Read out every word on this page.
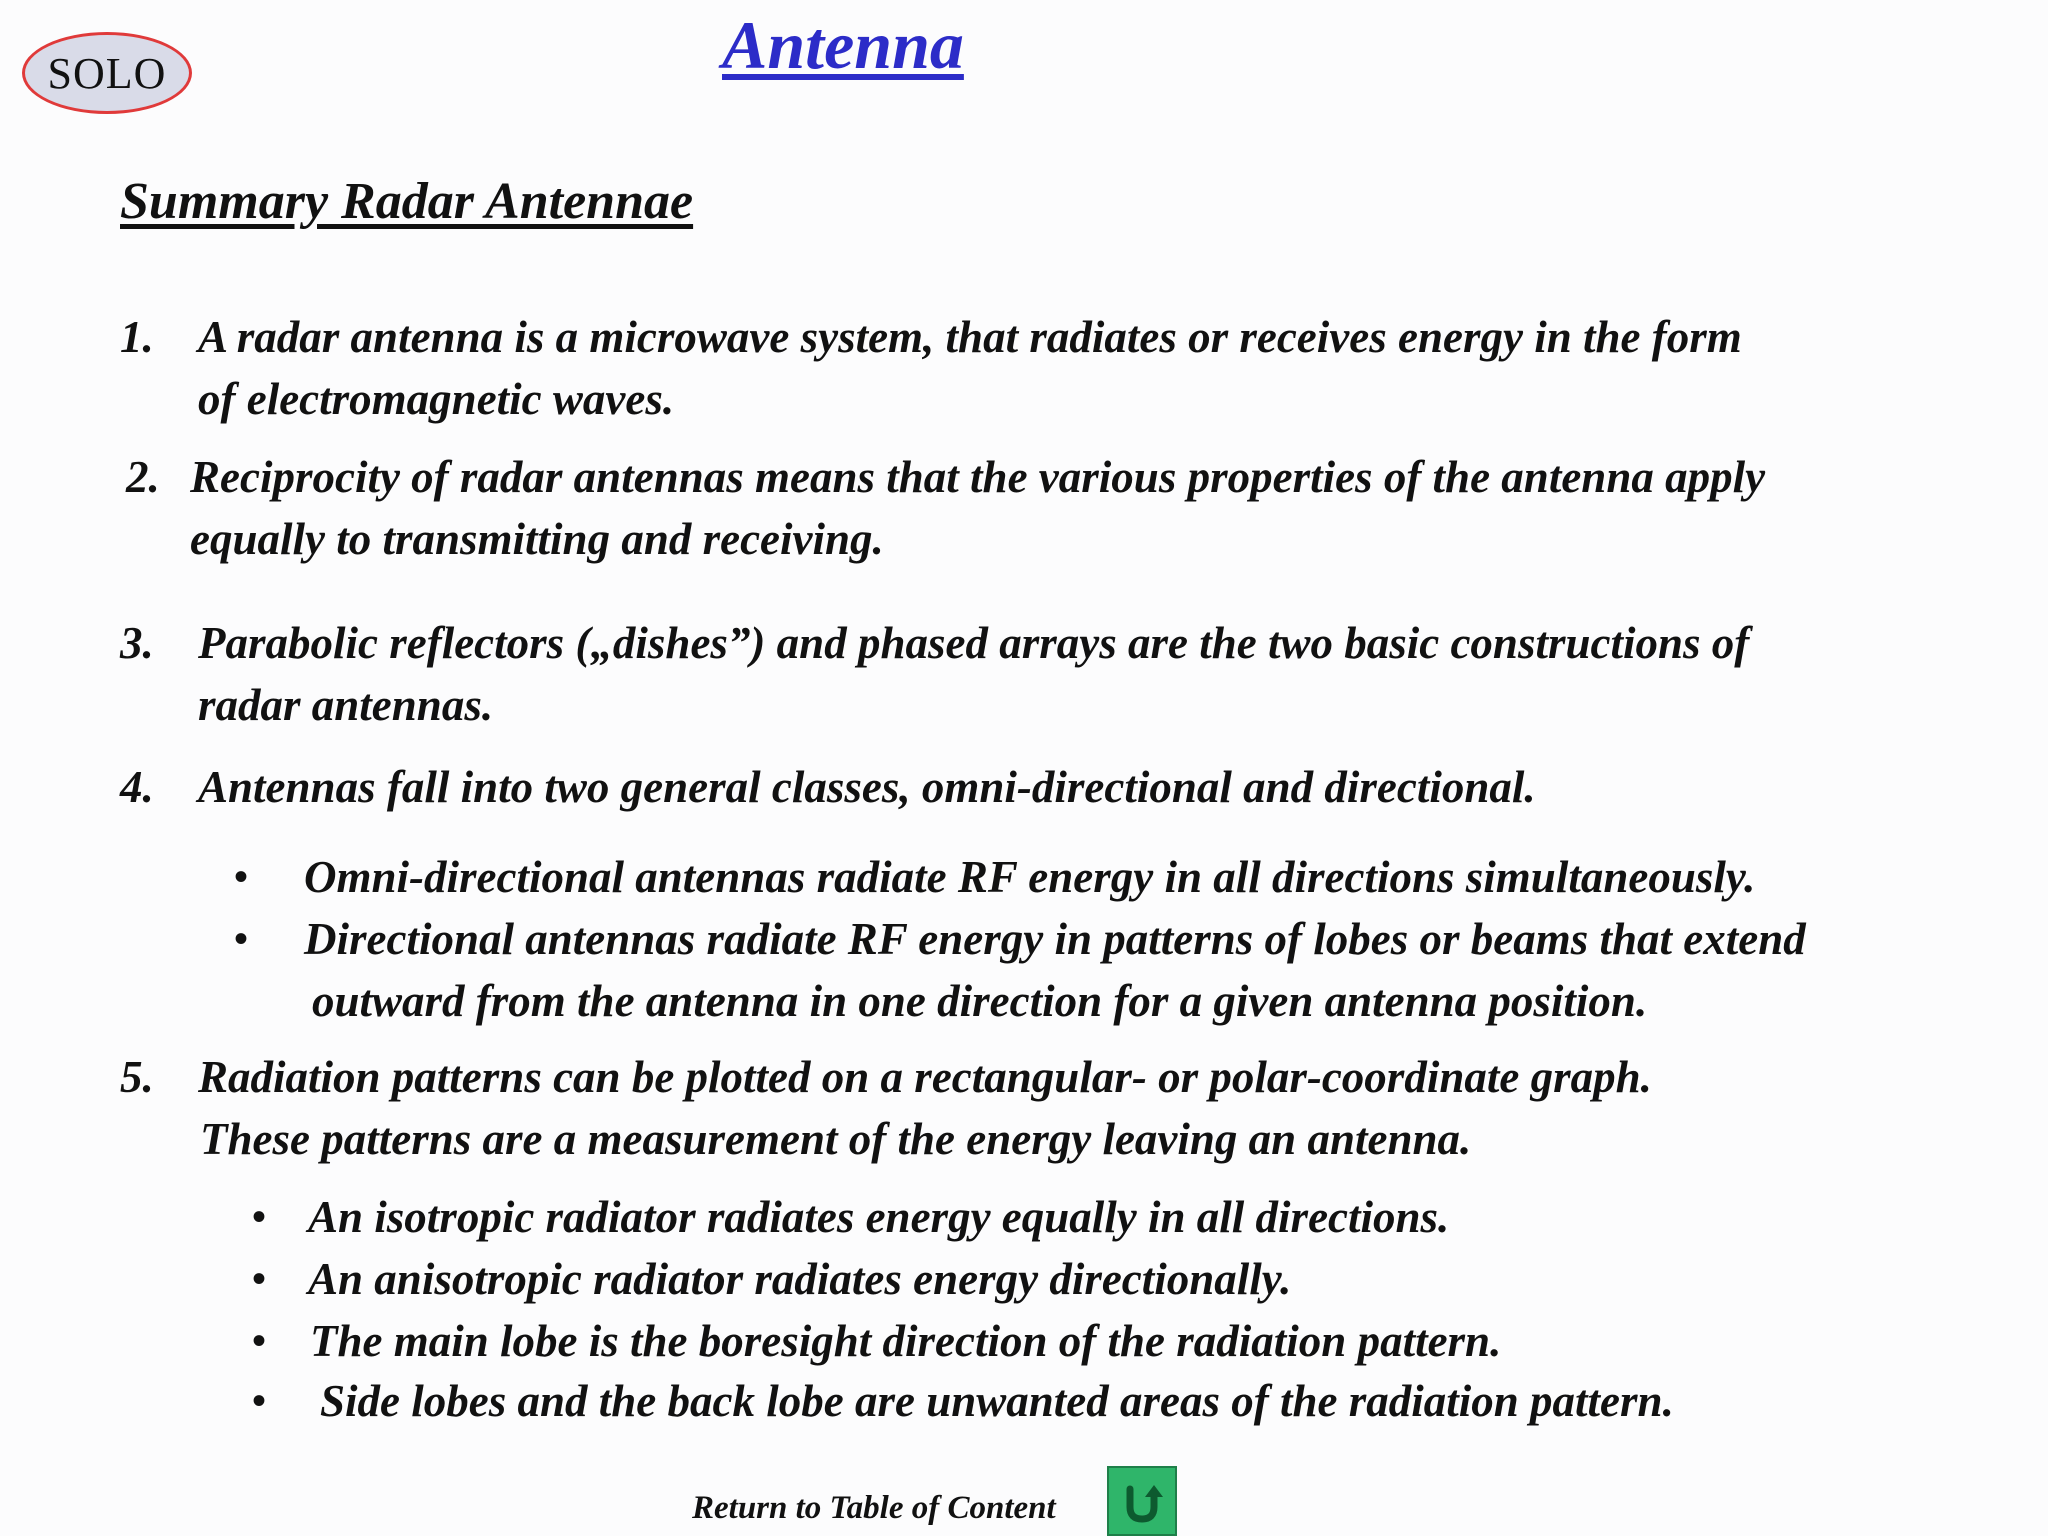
SOLO	Antenna
Summary Radar Antennae
1. A radar antenna is a microwave system, that radiates or receives energy in the form
of electromagnetic waves.
2. Reciprocity of radar antennas means that the various properties of the antenna apply
equally to transmitting and receiving.
3. Parabolic reflectors („dishes”) and phased arrays are the two basic constructions of
radar antennas.
4. Antennas fall into two general classes, omni-directional and directional.
• Omni-directional antennas radiate RF energy in all directions simultaneously.
• Directional antennas radiate RF energy in patterns of lobes or beams that extend
outward from the antenna in one direction for a given antenna position.
5. Radiation patterns can be plotted on a rectangular- or polar-coordinate graph.
These patterns are a measurement of the energy leaving an antenna.
• An isotropic radiator radiates energy equally in all directions.
• An anisotropic radiator radiates energy directionally.
• The main lobe is the boresight direction of the radiation pattern.
• Side lobes and the back lobe are unwanted areas of the radiation pattern.
Return to Table of Content
